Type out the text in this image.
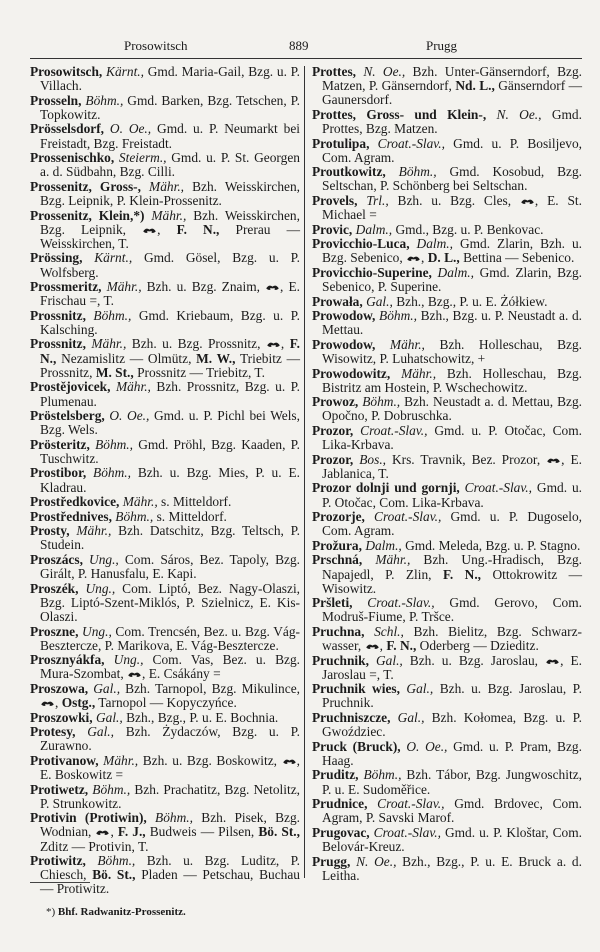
Prosowitsch	889	Prugg
Prosowitsch, Kärnt., Gmd. Maria-Gail, Bzg. u. P. Villach.
Prosseln, Böhm., Gmd. Barken, Bzg. Tetschen, P. Topkowitz.
Prösselsdorf, O. Oe., Gmd. u. P. Neumarkt bei Freistadt, Bzg. Freistadt.
Prossenischko, Steierm., Gmd. u. P. St. Georgen a. d. Südbahn, Bzg. Cilli.
Prossenitz, Gross-, Mähr., Bzh. Weisskirchen, Bzg. Leipnik, P. Klein-Prossenitz.
Prossenitz, Klein,*) Mähr., Bzh. Weisskirchen, Bzg. Leipnik, , F. N., Prerau — Weisskirchen, T.
Prössing, Kärnt., Gmd. Gösel, Bzg. u. P. Wolfsberg.
Prossmeritz, Mähr., Bzh. u. Bzg. Znaim, , E. Frischau =, T.
Prossnitz, Böhm., Gmd. Kriebaum, Bzg. u. P. Kalsching.
Prossnitz, Mähr., Bzh. u. Bzg. Prossnitz, , F. N., Nezamislitz — Olmütz, M. W., Triebitz — Prossnitz, M. St., Prossnitz — Triebitz, T.
Prostějovicek, Mähr., Bzh. Prossnitz, Bzg. u. P. Plumenau.
Pröstelsberg, O. Oe., Gmd. u. P. Pichl bei Wels, Bzg. Wels.
Prösteritz, Böhm., Gmd. Pröhl, Bzg. Kaaden, P. Tuschwitz.
Prostibor, Böhm., Bzh. u. Bzg. Mies, P. u. E. Kladrau.
Prostředkovice, Mähr., s. Mitteldorf.
Prostřednives, Böhm., s. Mitteldorf.
Prosty, Mähr., Bzh. Datschitz, Bzg. Teltsch, P. Studein.
Proszács, Ung., Com. Sáros, Bez. Tapoly, Bzg. Girált, P. Hanusfalu, E. Kapi.
Proszék, Ung., Com. Liptó, Bez. Nagy-Olaszi, Bzg. Liptó-Szent-Miklós, P. Szielnicz, E. Kis-Olaszi.
Proszne, Ung., Com. Trencsén, Bez. u. Bzg. Vág-Besztercze, P. Marikova, E. Vág-Besztercze.
Prosznyákfa, Ung., Com. Vas, Bez. u. Bzg. Mura-Szombat, , E. Csákány =
Proszowa, Gal., Bzh. Tarnopol, Bzg. Mikulince, , Ostg., Tarnopol — Kopyczyńce.
Proszowki, Gal., Bzh., Bzg., P. u. E. Bochnia.
Protesy, Gal., Bzh. Żydaczów, Bzg. u. P. Zurawno.
Protivanow, Mähr., Bzh. u. Bzg. Boskowitz, , E. Boskowitz =
Protiwetz, Böhm., Bzh. Prachatitz, Bzg. Netolitz, P. Strunkowitz.
Protivin (Protiwin), Böhm., Bzh. Pisek, Bzg. Wodnian, , F. J., Budweis — Pilsen, Bö. St., Zditz — Protivin, T.
Protiwitz, Böhm., Bzh. u. Bzg. Luditz, P. Chiesch, Bö. St., Pladen — Petschau, Buchau — Protiwitz.
Prottes, N. Oe., Bzh. Unter-Gänserndorf, Bzg. Matzen, P. Gänserndorf, Nd. L., Gänserndorf — Gaunersdorf.
Prottes, Gross- und Klein-, N. Oe., Gmd. Prottes, Bzg. Matzen.
Protulipa, Croat.-Slav., Gmd. u. P. Bosiljevo, Com. Agram.
Proutkowitz, Böhm., Gmd. Kosobud, Bzg. Seltschan, P. Schönberg bei Seltschan.
Provels, Trl., Bzh. u. Bzg. Cles, , E. St. Michael =
Provic, Dalm., Gmd., Bzg. u. P. Benkovac.
Provicchio-Luca, Dalm., Gmd. Zlarin, Bzh. u. Bzg. Sebenico, , D. L., Bettina — Sebenico.
Provicchio-Superine, Dalm., Gmd. Zlarin, Bzg. Sebenico, P. Superine.
Prowała, Gal., Bzh., Bzg., P. u. E. Żółkiew.
Prowodow, Böhm., Bzh., Bzg. u. P. Neustadt a. d. Mettau.
Prowodow, Mähr., Bzh. Holleschau, Bzg. Wisowitz, P. Luhatschowitz, +
Prowodowitz, Mähr., Bzh. Holleschau, Bzg. Bistritz am Hostein, P. Wschechowitz.
Prowoz, Böhm., Bzh. Neustadt a. d. Mettau, Bzg. Opočno, P. Dobruschka.
Prozor, Croat.-Slav., Gmd. u. P. Otočac, Com. Lika-Krbava.
Prozor, Bos., Krs. Travnik, Bez. Prozor, , E. Jablanica, T.
Prozor dolnji und gornji, Croat.-Slav., Gmd. u. P. Otočac, Com. Lika-Krbava.
Prozorje, Croat.-Slav., Gmd. u. P. Dugoselo, Com. Agram.
Prožura, Dalm., Gmd. Meleda, Bzg. u. P. Stagno.
Prschná, Mähr., Bzh. Ung.-Hradisch, Bzg. Napajedl, P. Zlin, F. N., Ottokrowitz — Wisowitz.
Pršleti, Croat.-Slav., Gmd. Gerovo, Com. Modruš-Fiume, P. Tršce.
Pruchna, Schl., Bzh. Bielitz, Bzg. Schwarzwasser, , F. N., Oderberg — Dzieditz.
Pruchnik, Gal., Bzh. u. Bzg. Jaroslau, , E. Jaroslau =, T.
Pruchnik wies, Gal., Bzh. u. Bzg. Jaroslau, P. Pruchnik.
Pruchniszcze, Gal., Bzh. Kołomea, Bzg. u. P. Gwoździec.
Pruck (Bruck), O. Oe., Gmd. u. P. Pram, Bzg. Haag.
Pruditz, Böhm., Bzh. Tábor, Bzg. Jungwoschitz, P. u. E. Sudoměřice.
Prudnice, Croat.-Slav., Gmd. Brdovec, Com. Agram, P. Savski Marof.
Prugovac, Croat.-Slav., Gmd. u. P. Kloštar, Com. Belovár-Kreuz.
Prugg, N. Oe., Bzh., Bzg., P. u. E. Bruck a. d. Leitha.
*) Bhf. Radwanitz-Prossenitz.
